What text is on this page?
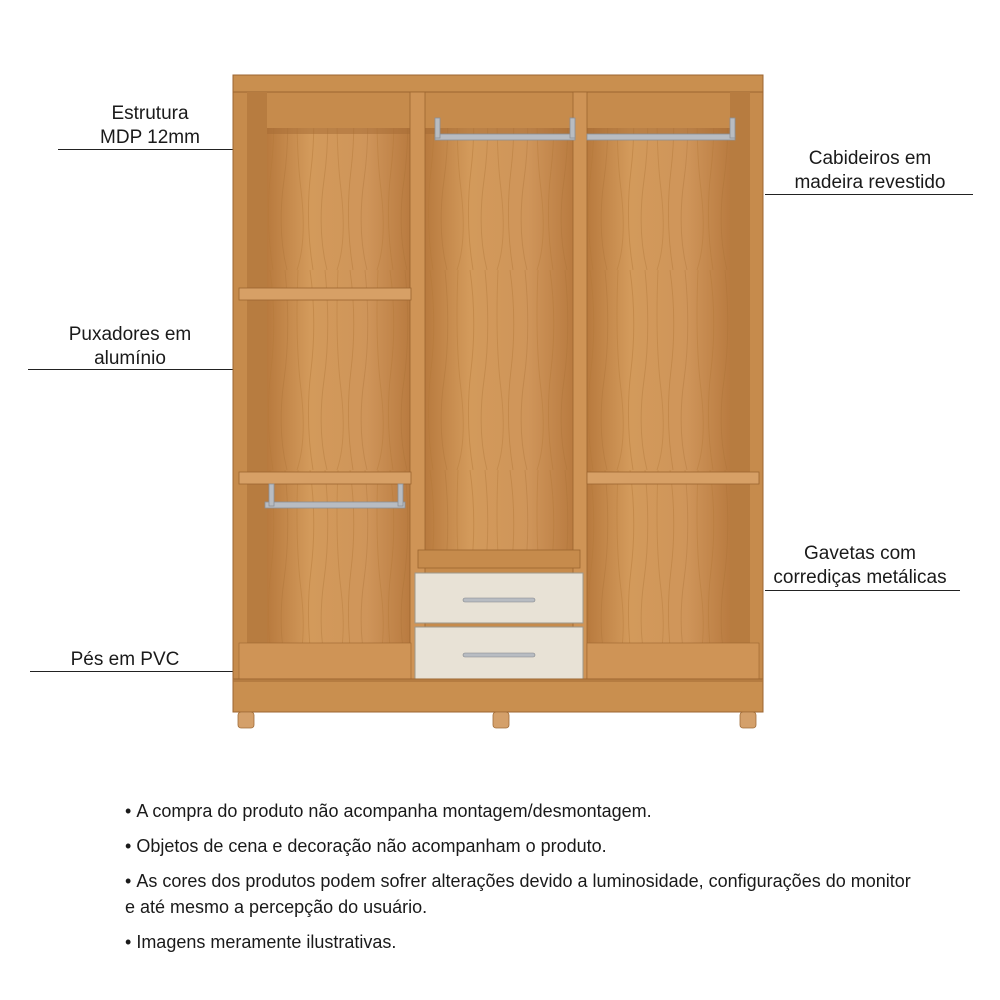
Estrutura
MDP 12mm
Puxadores em
alumínio
Pés em PVC
Cabideiros em
madeira revestido
Gavetas com
corrediças metálicas
• A compra do produto não acompanha montagem/desmontagem.
• Objetos de cena e decoração não acompanham o produto.
• As cores dos produtos podem sofrer alterações devido a luminosidade, configurações do monitor e até mesmo a percepção do usuário.
• Imagens meramente ilustrativas.
